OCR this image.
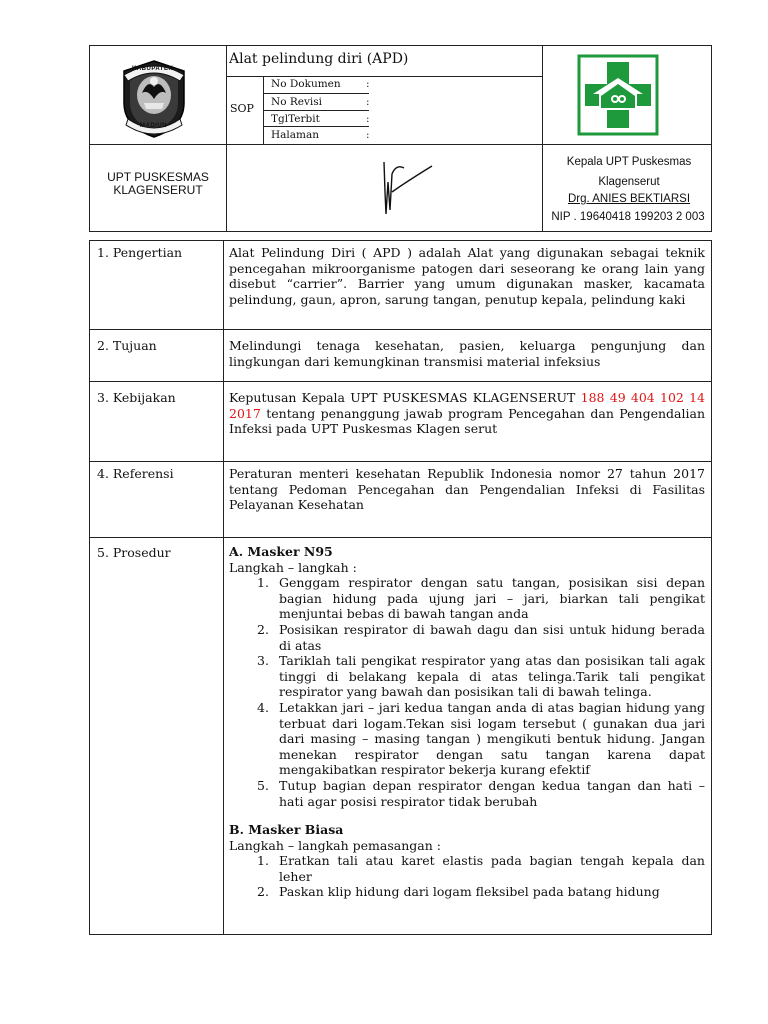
KABUPATEN
MADIUN
Alat pelindung diri (APD)
SOP
No Dokumen :
No Revisi	:
TglTerbit	:
Halaman	:
UPT PUSKESMAS
KLAGENSERUT
Kepala UPT Puskesmas
Klagenserut
Drg. ANIES BEKTIARSI
NIP . 19640418 199203 2 003
1. Pengertian	Alat Pelindung Diri ( APD ) adalah Alat yang digunakan sebagai teknik pencegahan mikroorganisme patogen dari seseorang ke orang lain yang disebut “carrier”. Barrier yang umum digunakan masker, kacamata pelindung, gaun, apron, sarung tangan, penutup kepala, pelindung kaki
2. Tujuan	Melindungi tenaga kesehatan, pasien, keluarga pengunjung dan lingkungan dari kemungkinan transmisi material infeksius
3. Kebijakan	Keputusan Kepala UPT PUSKESMAS KLAGENSERUT 188 49 404 102 14 2017 tentang penanggung jawab program Pencegahan dan Pengendalian Infeksi pada UPT Puskesmas Klagen serut
4. Referensi	Peraturan menteri kesehatan Republik Indonesia nomor 27 tahun 2017 tentang Pedoman Pencegahan dan Pengendalian Infeksi di Fasilitas Pelayanan Kesehatan
5. Prosedur	A. Masker N95
Langkah – langkah :
1. Genggam respirator dengan satu tangan, posisikan sisi depan bagian hidung pada ujung jari – jari, biarkan tali pengikat menjuntai bebas di bawah tangan anda
2. Posisikan respirator di bawah dagu dan sisi untuk hidung berada di atas
3. Tariklah tali pengikat respirator yang atas dan posisikan tali agak tinggi di belakang kepala di atas telinga.Tarik tali pengikat respirator yang bawah dan posisikan tali di bawah telinga.
4. Letakkan jari – jari kedua tangan anda di atas bagian hidung yang terbuat dari logam.Tekan sisi logam tersebut ( gunakan dua jari dari masing – masing tangan ) mengikuti bentuk hidung. Jangan menekan respirator dengan satu tangan karena dapat mengakibatkan respirator bekerja kurang efektif
5. Tutup bagian depan respirator dengan kedua tangan dan hati – hati agar posisi respirator tidak berubah
B. Masker Biasa
Langkah – langkah pemasangan :
1. Eratkan tali atau karet elastis pada bagian tengah kepala dan leher
2. Paskan klip hidung dari logam fleksibel pada batang hidung
